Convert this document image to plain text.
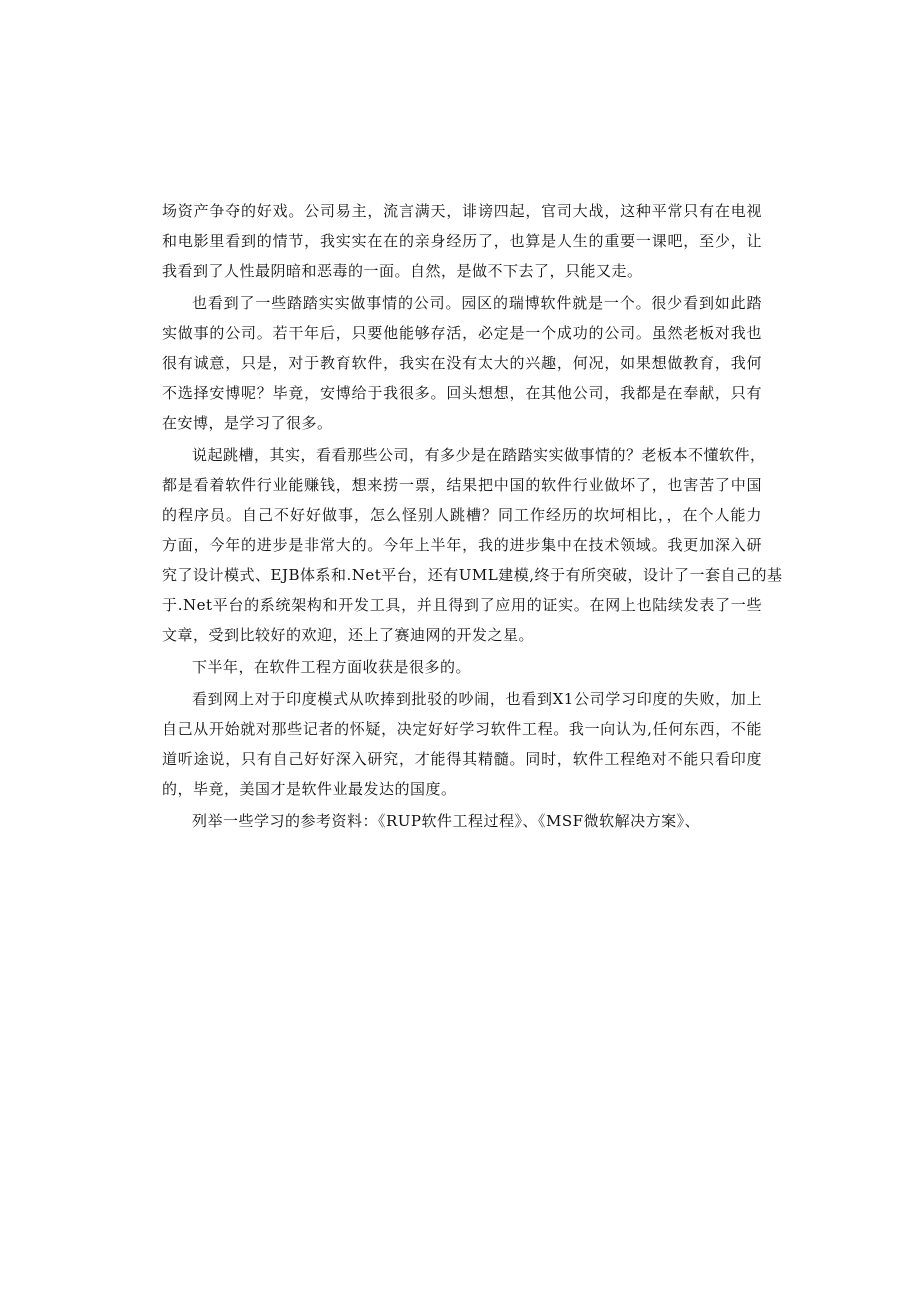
场资产争夺的好戏。公司易主，流言满天，诽谤四起，官司大战，这种平常只有在电视
和电影里看到的情节，我实实在在的亲身经历了，也算是人生的重要一课吧，至少，让
我看到了人性最阴暗和恶毒的一面。自然，是做不下去了，只能又走。
也看到了一些踏踏实实做事情的公司。园区的瑞博软件就是一个。很少看到如此踏
实做事的公司。若干年后，只要他能够存活，必定是一个成功的公司。虽然老板对我也
很有诚意，只是，对于教育软件，我实在没有太大的兴趣，何况，如果想做教育，我何
不选择安博呢？毕竟，安博给于我很多。回头想想，在其他公司，我都是在奉献，只有
在安博，是学习了很多。
说起跳槽，其实，看看那些公司，有多少是在踏踏实实做事情的？老板本不懂软件，
都是看着软件行业能赚钱，想来捞一票，结果把中国的软件行业做坏了，也害苦了中国
的程序员。自己不好好做事，怎么怪别人跳槽？同工作经历的坎坷相比，，在个人能力
方面，今年的进步是非常大的。今年上半年，我的进步集中在技术领域。我更加深入研
究了设计模式、EJB体系和.Net平台，还有UML建模,终于有所突破，设计了一套自己的基
于.Net平台的系统架构和开发工具，并且得到了应用的证实。在网上也陆续发表了一些
文章，受到比较好的欢迎，还上了赛迪网的开发之星。
下半年，在软件工程方面收获是很多的。
看到网上对于印度模式从吹捧到批驳的吵闹，也看到X1公司学习印度的失败，加上
自己从开始就对那些记者的怀疑，决定好好学习软件工程。我一向认为,任何东西，不能
道听途说，只有自己好好深入研究，才能得其精髓。同时，软件工程绝对不能只看印度
的，毕竟，美国才是软件业最发达的国度。
列举一些学习的参考资料：《RUP软件工程过程》、《MSF微软解决方案》、
